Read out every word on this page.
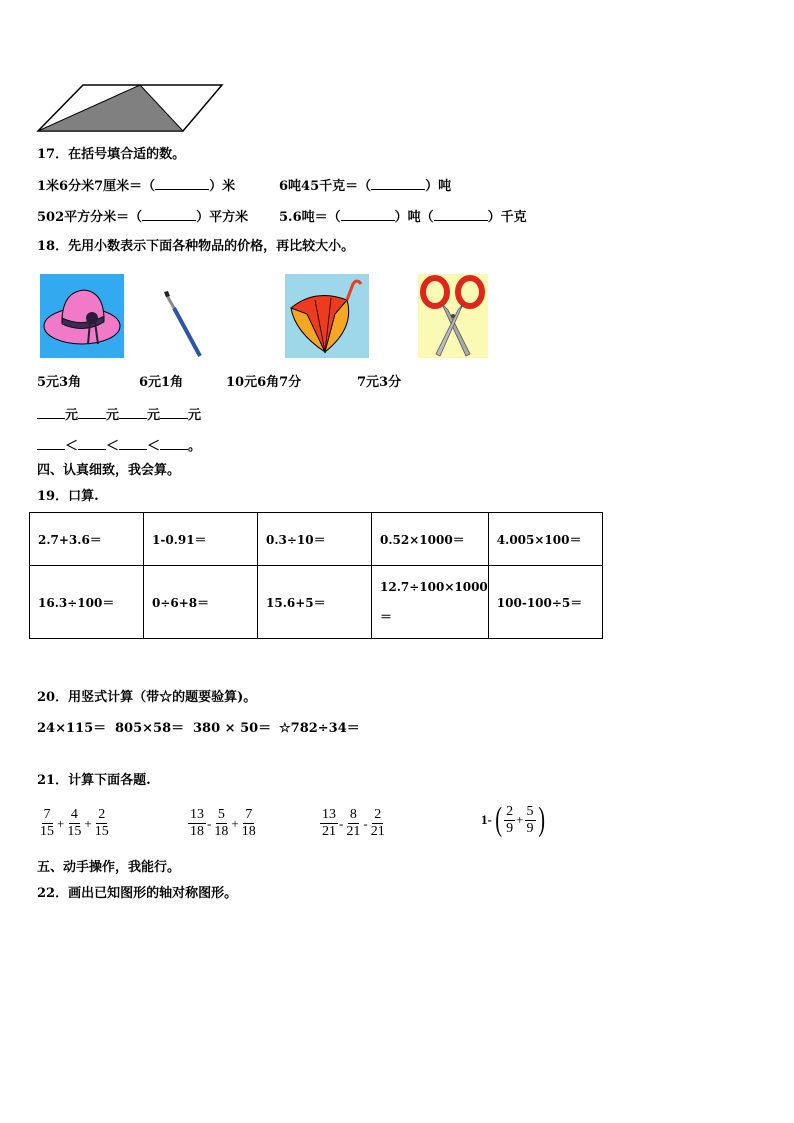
17．在括号填合适的数。
1米6分米7厘米＝（	）米	6吨45千克＝（	）吨
502平方分米＝（	）平方米 5.6吨＝（	）吨（	）千克
18．先用小数表示下面各种物品的价格，再比较大小。
5元3角	6元1角	10元6角7分	7元3分
元 元 元 元
＜ ＜ ＜ 。
四、认真细致，我会算。
19．口算.
2.7+3.6＝	1-0.91＝	0.3÷10＝	0.52×1000＝	4.005×100＝
16.3÷100＝	0÷6+8＝	15.6+5＝	12.7÷100×1000
＝	100-100÷5＝
20．用竖式计算（带☆的题要验算)。
24×115＝ 805×58＝ 380 × 50＝ ☆782÷34＝
21．计算下面各题.
7
15
+ $\frac{4}{15} + \frac{2}{15}$	13
18
-
5
18
+ $\frac{7}{18}$	13
21
-
8
21
-
2
21
1- ( 2
9
+ $\frac{5}{9}$ )
五、动手操作，我能行。
22．画出已知图形的轴对称图形。
